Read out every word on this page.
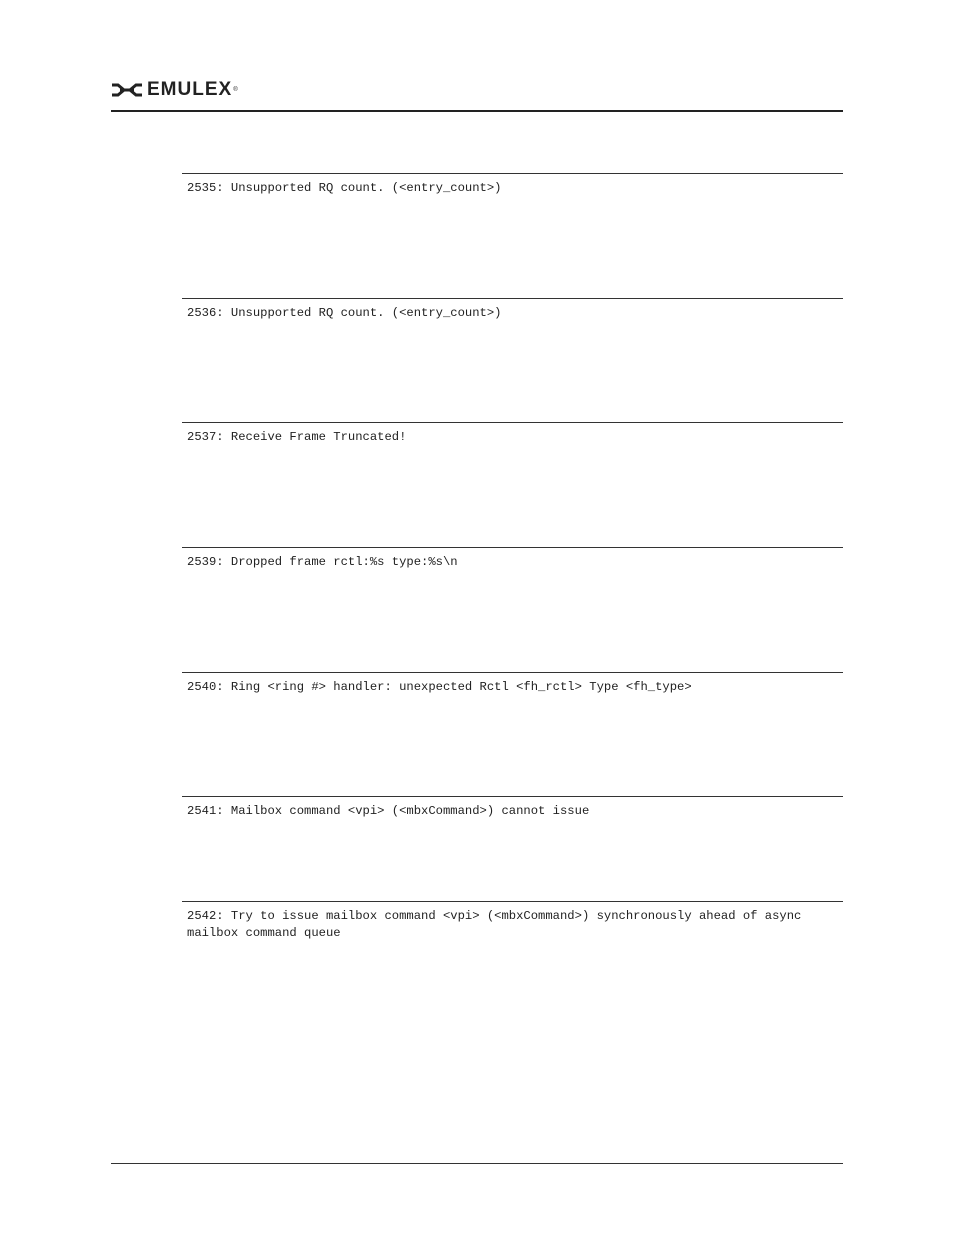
EMULEX ®
2535: Unsupported RQ count. (<entry_count>)
2536: Unsupported RQ count. (<entry_count>)
2537: Receive Frame Truncated!
2539: Dropped frame rctl:%s type:%s\n
2540: Ring <ring #> handler: unexpected Rctl <fh_rctl> Type <fh_type>
2541: Mailbox command <vpi> (<mbxCommand>) cannot issue
2542: Try to issue mailbox command <vpi> (<mbxCommand>) synchronously ahead of async mailbox command queue
